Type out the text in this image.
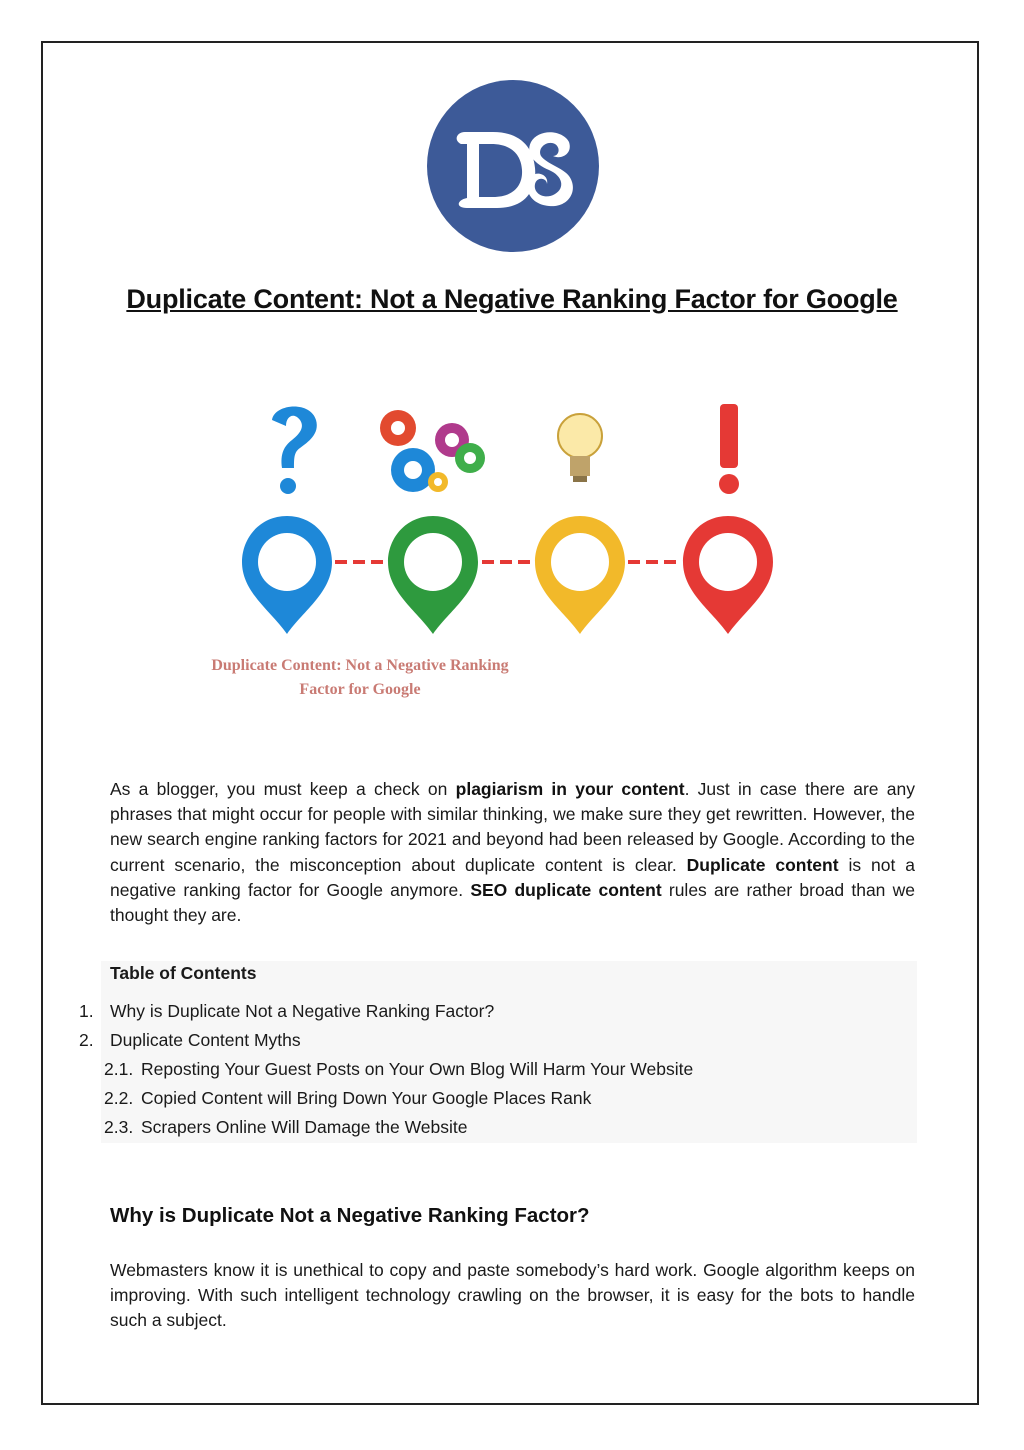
Duplicate Content: Not a Negative Ranking Factor for Google
Duplicate Content: Not a Negative Ranking
Factor for Google
As a blogger, you must keep a check on plagiarism in your content. Just in case there are any phrases that might occur for people with similar thinking, we make sure they get rewritten. However, the new search engine ranking factors for 2021 and beyond had been released by Google. According to the current scenario, the misconception about duplicate content is clear. Duplicate content is not a negative ranking factor for Google anymore. SEO duplicate content rules are rather broad than we thought they are.
Table of Contents
1. Why is Duplicate Not a Negative Ranking Factor?
2. Duplicate Content Myths
2.1. Reposting Your Guest Posts on Your Own Blog Will Harm Your Website
2.2. Copied Content will Bring Down Your Google Places Rank
2.3. Scrapers Online Will Damage the Website
Why is Duplicate Not a Negative Ranking Factor?
Webmasters know it is unethical to copy and paste somebody’s hard work. Google algorithm keeps on improving. With such intelligent technology crawling on the browser, it is easy for the bots to handle such a subject.
